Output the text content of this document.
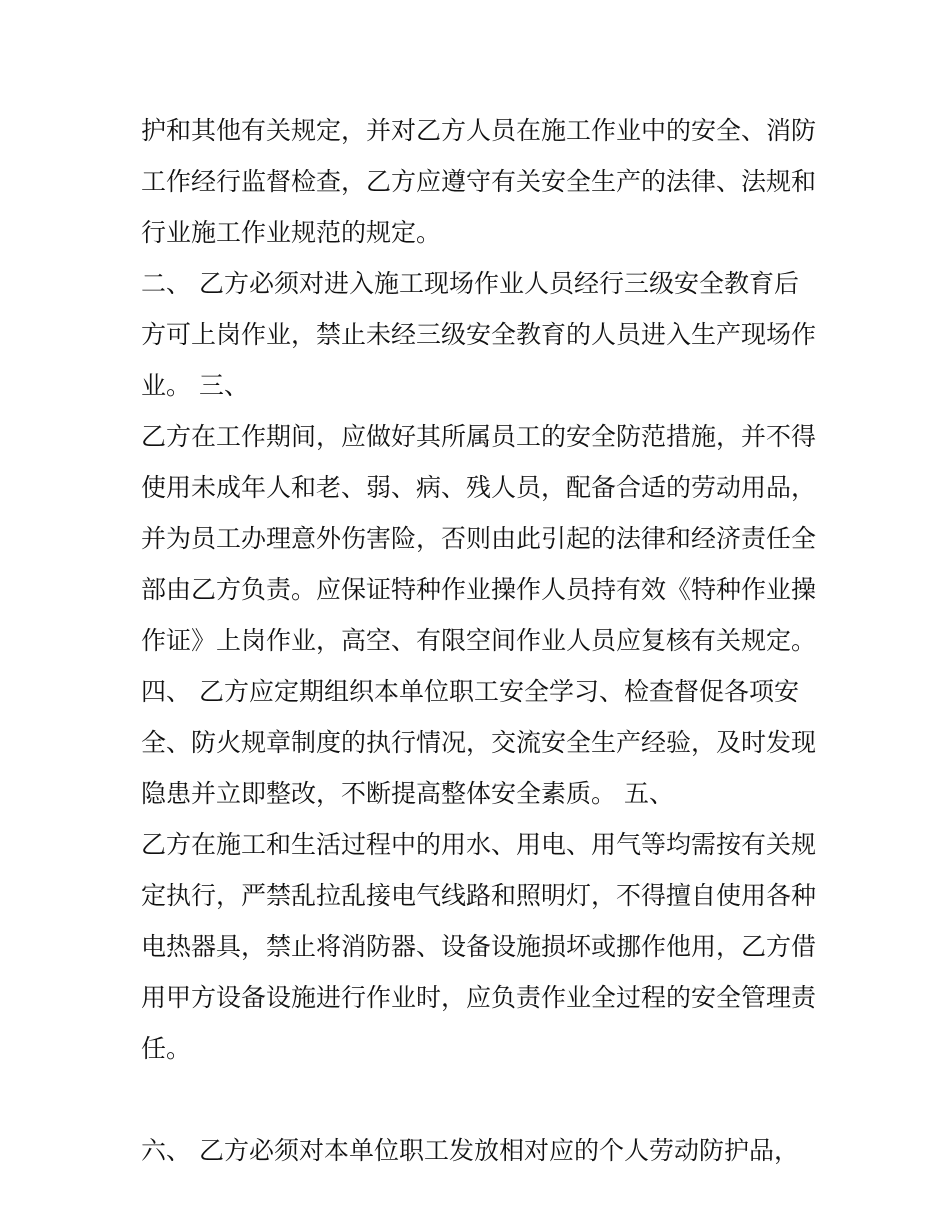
护和其他有关规定，并对乙方人员在施工作业中的安全、消防
工作经行监督检查，乙方应遵守有关安全生产的法律、法规和
行业施工作业规范的规定。
二、 乙方必须对进入施工现场作业人员经行三级安全教育后
方可上岗作业，禁止未经三级安全教育的人员进入生产现场作
业。 三、
乙方在工作期间，应做好其所属员工的安全防范措施，并不得
使用未成年人和老、弱、病、残人员，配备合适的劳动用品，
并为员工办理意外伤害险，否则由此引起的法律和经济责任全
部由乙方负责。应保证特种作业操作人员持有效《特种作业操
作证》上岗作业，高空、有限空间作业人员应复核有关规定。
四、 乙方应定期组织本单位职工安全学习、检查督促各项安
全、防火规章制度的执行情况，交流安全生产经验，及时发现
隐患并立即整改，不断提高整体安全素质。 五、
乙方在施工和生活过程中的用水、用电、用气等均需按有关规
定执行，严禁乱拉乱接电气线路和照明灯，不得擅自使用各种
电热器具，禁止将消防器、设备设施损坏或挪作他用，乙方借
用甲方设备设施进行作业时，应负责作业全过程的安全管理责
任。
六、 乙方必须对本单位职工发放相对应的个人劳动防护品，
